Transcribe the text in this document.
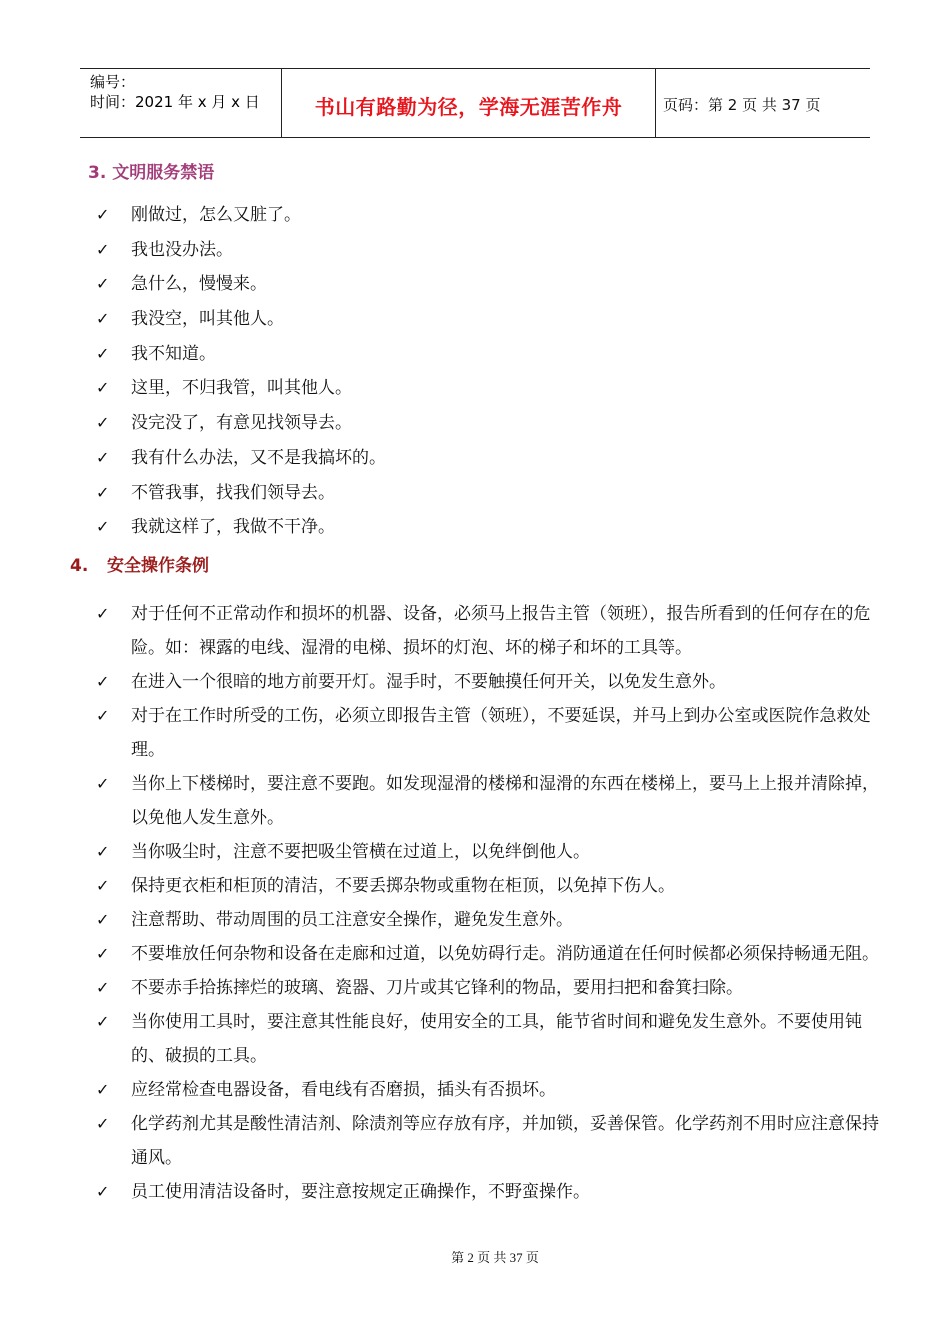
编号：
时间：2021 年 x 月 x 日	书山有路勤为径，学海无涯苦作舟	页码：第 2 页 共 37 页
3. 文明服务禁语
✓ 刚做过，怎么又脏了。
✓ 我也没办法。
✓ 急什么，慢慢来。
✓ 我没空，叫其他人。
✓ 我不知道。
✓ 这里，不归我管，叫其他人。
✓ 没完没了，有意见找领导去。
✓ 我有什么办法，又不是我搞坏的。
✓ 不管我事，找我们领导去。
✓ 我就这样了，我做不干净。
4. 安全操作条例
✓ 对于任何不正常动作和损坏的机器、设备，必须马上报告主管（领班），报告所看到的任何存在的危险。如：裸露的电线、湿滑的电梯、损坏的灯泡、坏的梯子和坏的工具等。
✓ 在进入一个很暗的地方前要开灯。湿手时，不要触摸任何开关，以免发生意外。
✓ 对于在工作时所受的工伤，必须立即报告主管（领班），不要延误，并马上到办公室或医院作急救处理。
✓ 当你上下楼梯时，要注意不要跑。如发现湿滑的楼梯和湿滑的东西在楼梯上，要马上上报并清除掉，以免他人发生意外。
✓ 当你吸尘时，注意不要把吸尘管横在过道上，以免绊倒他人。
✓ 保持更衣柜和柜顶的清洁，不要丢掷杂物或重物在柜顶，以免掉下伤人。
✓ 注意帮助、带动周围的员工注意安全操作，避免发生意外。
✓ 不要堆放任何杂物和设备在走廊和过道，以免妨碍行走。消防通道在任何时候都必须保持畅通无阻。
✓ 不要赤手拾拣摔烂的玻璃、瓷器、刀片或其它锋利的物品，要用扫把和畚箕扫除。
✓ 当你使用工具时，要注意其性能良好，使用安全的工具，能节省时间和避免发生意外。不要使用钝的、破损的工具。
✓ 应经常检查电器设备，看电线有否磨损，插头有否损坏。
✓ 化学药剂尤其是酸性清洁剂、除渍剂等应存放有序，并加锁，妥善保管。化学药剂不用时应注意保持通风。
✓ 员工使用清洁设备时，要注意按规定正确操作，不野蛮操作。
第 2 页 共 37 页
